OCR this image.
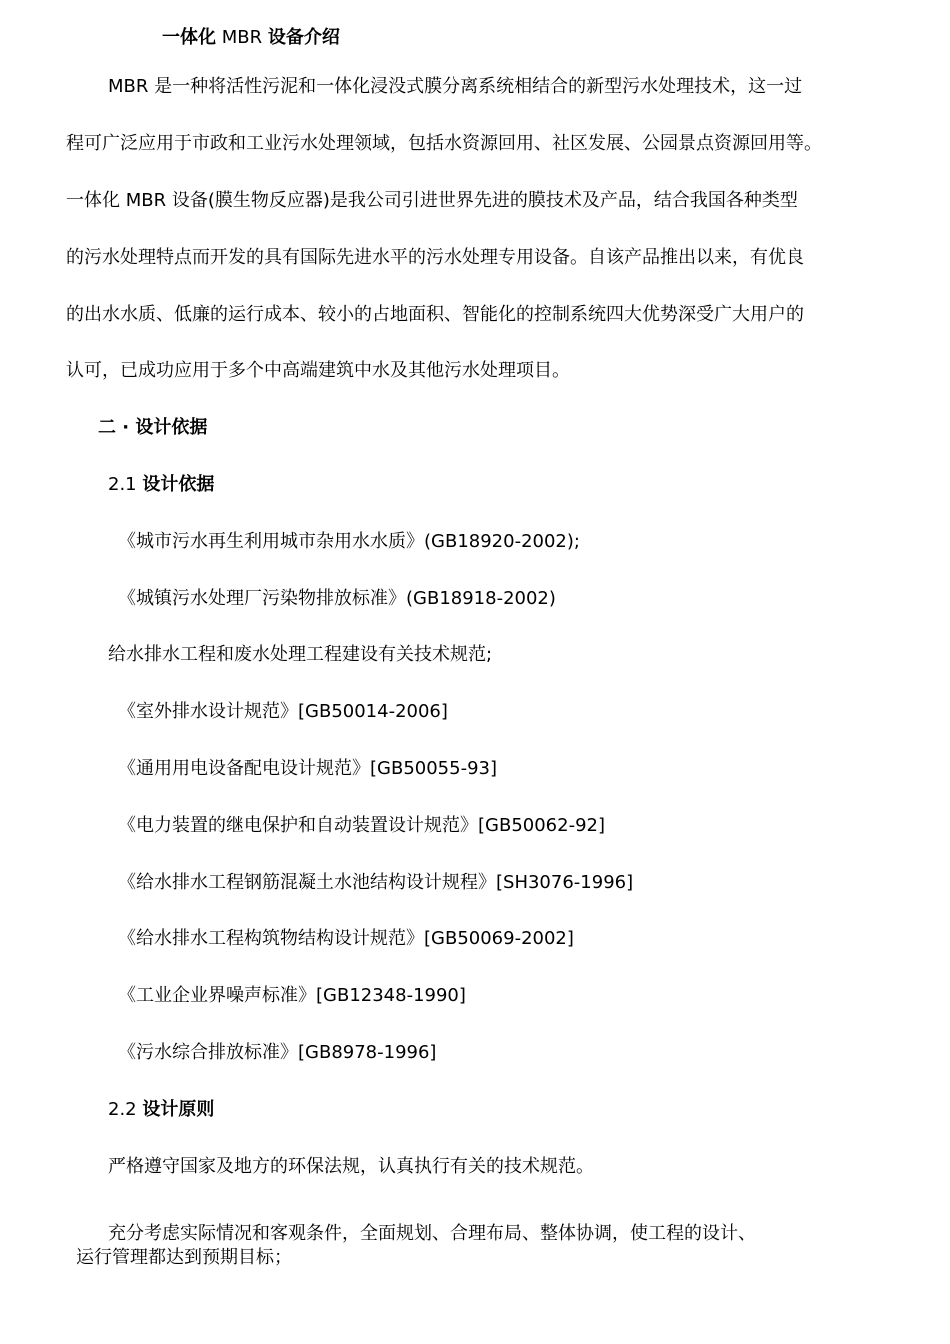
一体化 MBR 设备介绍
MBR 是一种将活性污泥和一体化浸没式膜分离系统相结合的新型污水处理技术，这一过
程可广泛应用于市政和工业污水处理领域，包括水资源回用、社区发展、公园景点资源回用等。
一体化 MBR 设备(膜生物反应器)是我公司引进世界先进的膜技术及产品，结合我国各种类型
的污水处理特点而开发的具有国际先进水平的污水处理专用设备。自该产品推出以来，有优良
的出水水质、低廉的运行成本、较小的占地面积、智能化的控制系统四大优势深受广大用户的
认可，已成功应用于多个中高端建筑中水及其他污水处理项目。
二 · 设计依据
2.1 设计依据
《城市污水再生利用城市杂用水水质》(GB18920-2002);
《城镇污水处理厂污染物排放标准》(GB18918-2002)
给水排水工程和废水处理工程建设有关技术规范;
《室外排水设计规范》[GB50014-2006]
《通用用电设备配电设计规范》[GB50055-93]
《电力装置的继电保护和自动装置设计规范》[GB50062-92]
《给水排水工程钢筋混凝土水池结构设计规程》[SH3076-1996]
《给水排水工程构筑物结构设计规范》[GB50069-2002]
《工业企业界噪声标准》[GB12348-1990]
《污水综合排放标准》[GB8978-1996]
2.2 设计原则
严格遵守国家及地方的环保法规，认真执行有关的技术规范。
充分考虑实际情况和客观条件，全面规划、合理布局、整体协调，使工程的设计、
运行管理都达到预期目标；
